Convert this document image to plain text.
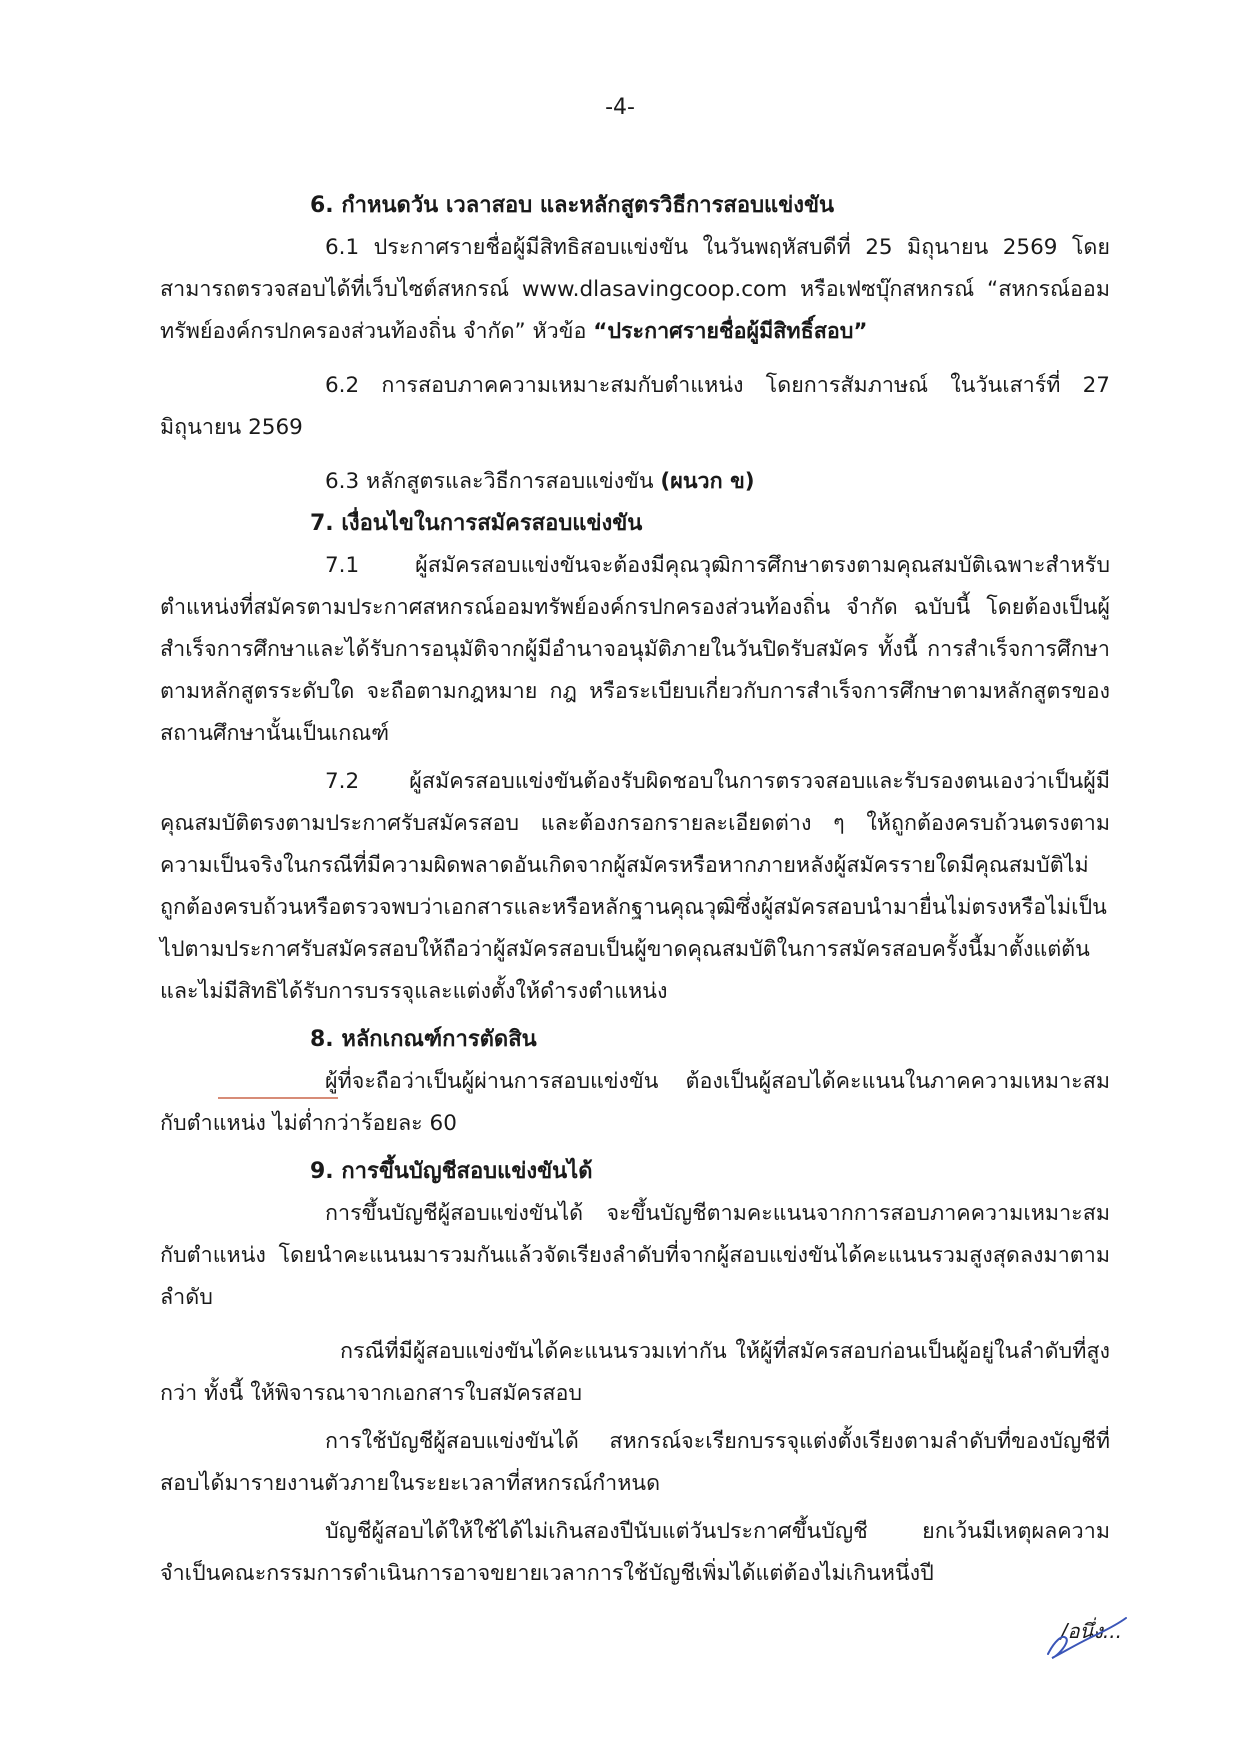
-4-

6. กำหนดวัน เวลาสอบ และหลักสูตรวิธีการสอบแข่งขัน

6.1 ประกาศรายชื่อผู้มีสิทธิสอบแข่งขัน ในวันพฤหัสบดีที่ 25 มิถุนายน 2569 โดยสามารถตรวจสอบได้ที่เว็บไซต์สหกรณ์ www.dlasavingcoop.com หรือเฟซบุ๊กสหกรณ์ “สหกรณ์ออมทรัพย์องค์กรปกครองส่วนท้องถิ่น จำกัด” หัวข้อ “ประกาศรายชื่อผู้มีสิทธิ์สอบ”

6.2 การสอบภาคความเหมาะสมกับตำแหน่ง โดยการสัมภาษณ์ ในวันเสาร์ที่ 27 มิถุนายน 2569

6.3 หลักสูตรและวิธีการสอบแข่งขัน (ผนวก ข)

7. เงื่อนไขในการสมัครสอบแข่งขัน

7.1 ผู้สมัครสอบแข่งขันจะต้องมีคุณวุฒิการศึกษาตรงตามคุณสมบัติเฉพาะสำหรับตำแหน่งที่สมัครตามประกาศสหกรณ์ออมทรัพย์องค์กรปกครองส่วนท้องถิ่น จำกัด ฉบับนี้ โดยต้องเป็นผู้สำเร็จการศึกษาและได้รับการอนุมัติจากผู้มีอำนาจอนุมัติภายในวันปิดรับสมัคร ทั้งนี้ การสำเร็จการศึกษาตามหลักสูตรระดับใด จะถือตามกฎหมาย กฎ หรือระเบียบเกี่ยวกับการสำเร็จการศึกษาตามหลักสูตรของสถานศึกษานั้นเป็นเกณฑ์

7.2 ผู้สมัครสอบแข่งขันต้องรับผิดชอบในการตรวจสอบและรับรองตนเองว่าเป็นผู้มีคุณสมบัติตรงตามประกาศรับสมัครสอบ และต้องกรอกรายละเอียดต่าง ๆ ให้ถูกต้องครบถ้วนตรงตามความเป็นจริงในกรณีที่มีความผิดพลาดอันเกิดจากผู้สมัครหรือหากภายหลังผู้สมัครรายใดมีคุณสมบัติไม่ถูกต้องครบถ้วนหรือตรวจพบว่าเอกสารและหรือหลักฐานคุณวุฒิซึ่งผู้สมัครสอบนำมายื่นไม่ตรงหรือไม่เป็นไปตามประกาศรับสมัครสอบให้ถือว่าผู้สมัครสอบเป็นผู้ขาดคุณสมบัติในการสมัครสอบครั้งนี้มาตั้งแต่ต้นและไม่มีสิทธิได้รับการบรรจุและแต่งตั้งให้ดำรงตำแหน่ง

8. หลักเกณฑ์การตัดสิน

ผู้ที่จะถือว่าเป็นผู้ผ่านการสอบแข่งขัน ต้องเป็นผู้สอบได้คะแนนในภาคความเหมาะสมกับตำแหน่ง ไม่ต่ำกว่าร้อยละ 60

9. การขึ้นบัญชีสอบแข่งขันได้

การขึ้นบัญชีผู้สอบแข่งขันได้ จะขึ้นบัญชีตามคะแนนจากการสอบภาคความเหมาะสมกับตำแหน่ง โดยนำคะแนนมารวมกันแล้วจัดเรียงลำดับที่จากผู้สอบแข่งขันได้คะแนนรวมสูงสุดลงมาตามลำดับ

กรณีที่มีผู้สอบแข่งขันได้คะแนนรวมเท่ากัน ให้ผู้ที่สมัครสอบก่อนเป็นผู้อยู่ในลำดับที่สูงกว่า ทั้งนี้ ให้พิจารณาจากเอกสารใบสมัครสอบ

การใช้บัญชีผู้สอบแข่งขันได้ สหกรณ์จะเรียกบรรจุแต่งตั้งเรียงตามลำดับที่ของบัญชีที่สอบได้มารายงานตัวภายในระยะเวลาที่สหกรณ์กำหนด

บัญชีผู้สอบได้ให้ใช้ได้ไม่เกินสองปีนับแต่วันประกาศขึ้นบัญชี ยกเว้นมีเหตุผลความจำเป็นคณะกรรมการดำเนินการอาจขยายเวลาการใช้บัญชีเพิ่มได้แต่ต้องไม่เกินหนึ่งปี

/อนึ่ง...
